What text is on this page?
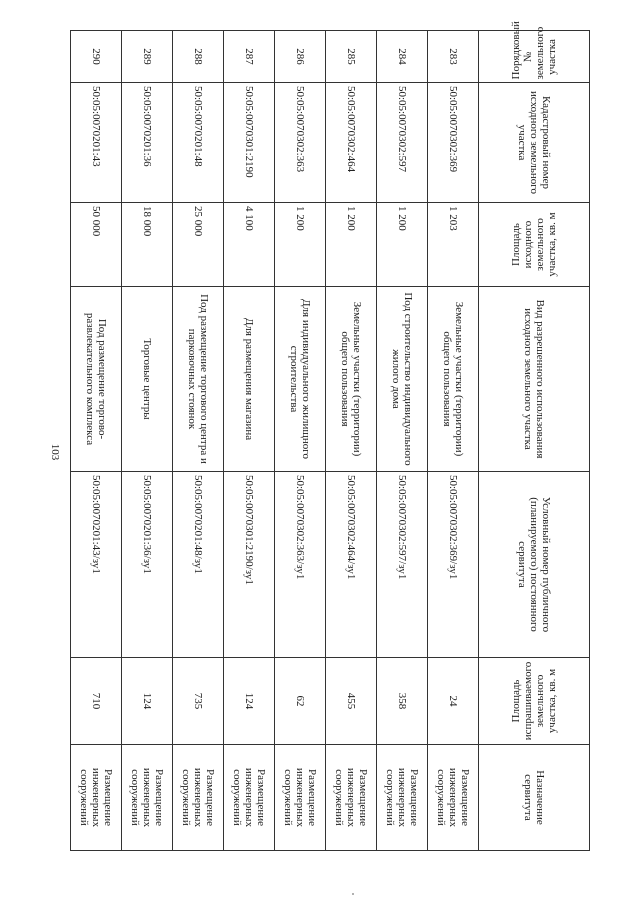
103
Порядковый № земельного участка	Кадастровый номер исходного земельного участка	Площадь исходного земельного участка, кв. м	Вид разрешенного использования исходного земельного участка	Условный номер публичного (планируемого) постоянного сервитута	Площадь испрашиваемого земельного участка, кв. м	Назначение сервитута
283	50:05:0070302:369	1 203	Земельные участки (территории) общего пользования	50:05:0070302:369/зу1	24	Размещение инженерных сооружений
284	50:05:0070302:597	1 200	Под строительство индивидуального жилого дома	50:05:0070302:597/зу1	358	Размещение инженерных сооружений
285	50:05:0070302:464	1 200	Земельные участки (территории) общего пользования	50:05:0070302:464/зу1	455	Размещение инженерных сооружений
286	50:05:0070302:363	1 200	Для индивидуального жилищного строительства	50:05:0070302:363/зу1	62	Размещение инженерных сооружений
287	50:05:0070301:2190	4 100	Для размещения магазина	50:05:0070301:2190/зу1	124	Размещение инженерных сооружений
288	50:05:0070201:48	25 000	Под размещение торгового центра и парковочных стоянок	50:05:0070201:48/зу1	735	Размещение инженерных сооружений
289	50:05:0070201:36	18 000	Торговые центры	50:05:0070201:36/зу1	124	Размещение инженерных сооружений
290	50:05:0070201:43	50 000	Под размещение торгово-развлекательного комплекса	50:05:0070201:43/зу1	710	Размещение инженерных сооружений
